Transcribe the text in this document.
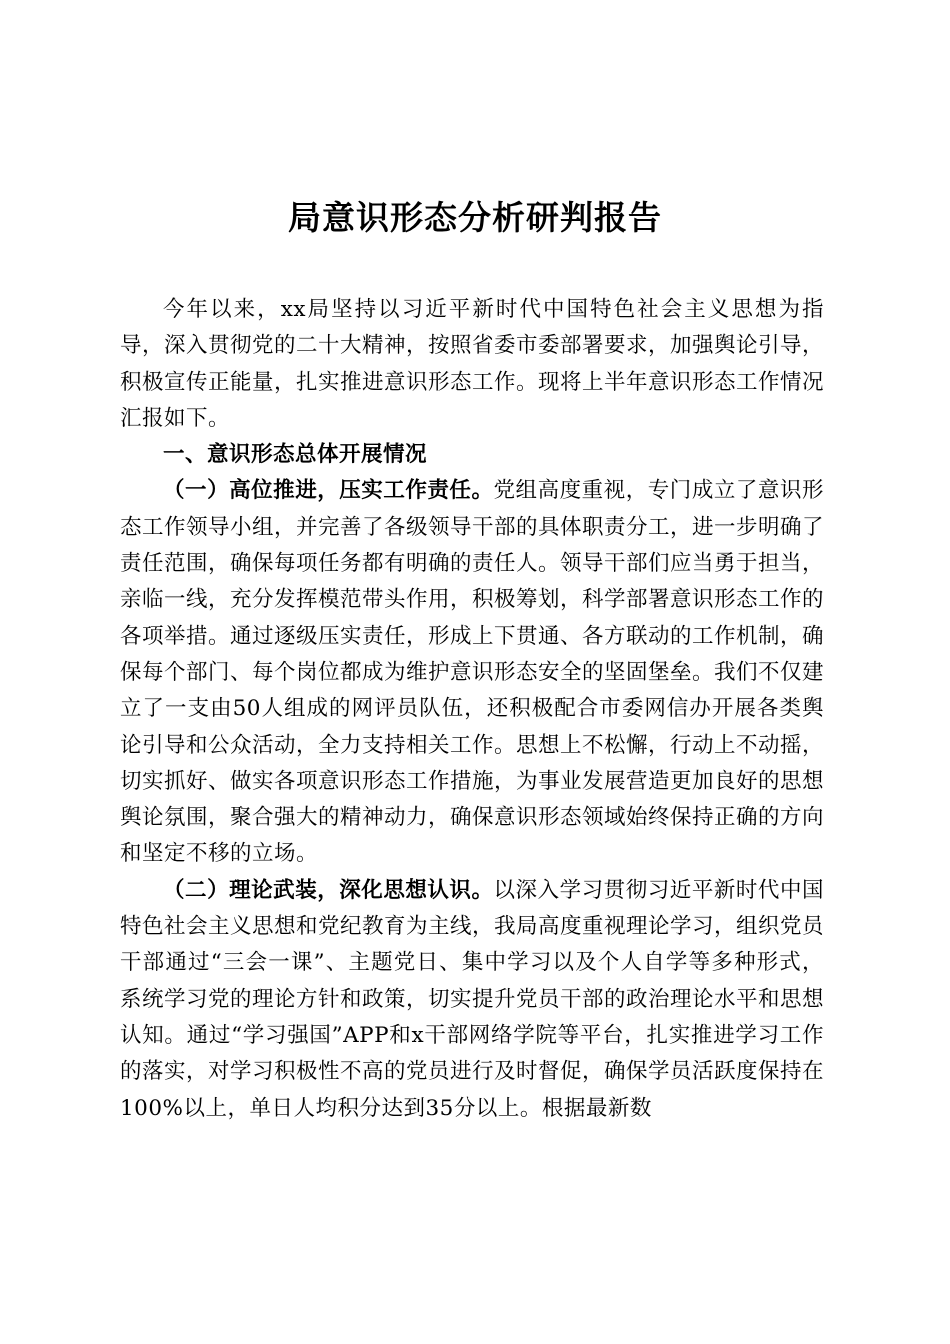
局意识形态分析研判报告

今年以来，xx局坚持以习近平新时代中国特色社会主义思想为指导，深入贯彻党的二十大精神，按照省委市委部署要求，加强舆论引导，积极宣传正能量，扎实推进意识形态工作。现将上半年意识形态工作情况汇报如下。

一、意识形态总体开展情况

（一）高位推进，压实工作责任。党组高度重视，专门成立了意识形态工作领导小组，并完善了各级领导干部的具体职责分工，进一步明确了责任范围，确保每项任务都有明确的责任人。领导干部们应当勇于担当，亲临一线，充分发挥模范带头作用，积极筹划，科学部署意识形态工作的各项举措。通过逐级压实责任，形成上下贯通、各方联动的工作机制，确保每个部门、每个岗位都成为维护意识形态安全的坚固堡垒。我们不仅建立了一支由50人组成的网评员队伍，还积极配合市委网信办开展各类舆论引导和公众活动，全力支持相关工作。思想上不松懈，行动上不动摇，切实抓好、做实各项意识形态工作措施，为事业发展营造更加良好的思想舆论氛围，聚合强大的精神动力，确保意识形态领域始终保持正确的方向和坚定不移的立场。

（二）理论武装，深化思想认识。以深入学习贯彻习近平新时代中国特色社会主义思想和党纪教育为主线，我局高度重视理论学习，组织党员干部通过“三会一课”、主题党日、集中学习以及个人自学等多种形式，系统学习党的理论方针和政策，切实提升党员干部的政治理论水平和思想认知。通过“学习强国”APP和x干部网络学院等平台，扎实推进学习工作的落实，对学习积极性不高的党员进行及时督促，确保学员活跃度保持在100%以上，单日人均积分达到35分以上。根据最新数
